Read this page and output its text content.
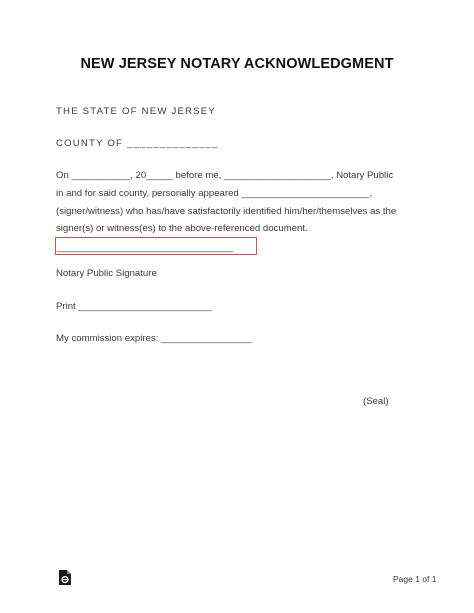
NEW JERSEY NOTARY ACKNOWLEDGMENT
THE STATE OF NEW JERSEY
COUNTY OF ______________
On ___________, 20_____ before me, ____________________, Notary Public
in and for said county, personally appeared ________________________,
(signer/witness) who has/have satisfactorily identified him/her/themselves as the
signer(s) or witness(es) to the above-referenced document.
_________________________________
Notary Public Signature
Print _________________________
My commission expires: _________________
(Seal)
Page 1 of 1
